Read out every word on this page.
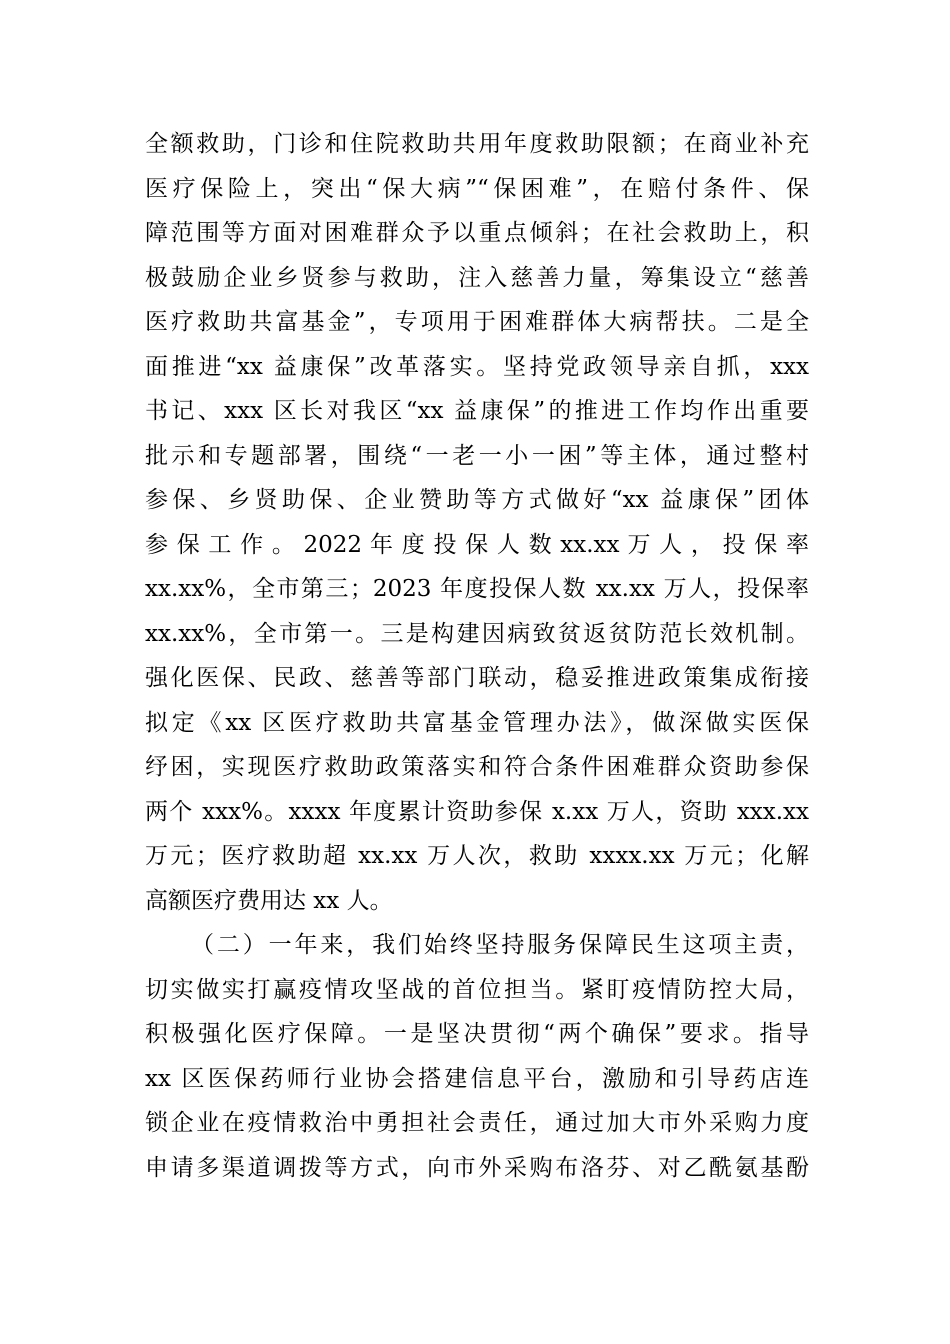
全额救助，门诊和住院救助共用年度救助限额；在商业补充
医疗保险上，突出“保大病”“保困难”，在赔付条件、保
障范围等方面对困难群众予以重点倾斜；在社会救助上，积
极鼓励企业乡贤参与救助，注入慈善力量，筹集设立“慈善
医疗救助共富基金”，专项用于困难群体大病帮扶。二是全
面推进“xx 益康保”改革落实。坚持党政领导亲自抓，xxx
书记、xxx 区长对我区“xx 益康保”的推进工作均作出重要
批示和专题部署，围绕“一老一小一困”等主体，通过整村
参保、乡贤助保、企业赞助等方式做好“xx 益康保”团体
参 保 工 作 。 2022 年 度 投 保 人 数 xx.xx 万 人 ， 投 保 率
xx.xx%，全市第三；2023 年度投保人数 xx.xx 万人，投保率
xx.xx%，全市第一。三是构建因病致贫返贫防范长效机制。
强化医保、民政、慈善等部门联动，稳妥推进政策集成衔接
拟定《xx 区医疗救助共富基金管理办法》，做深做实医保
纾困，实现医疗救助政策落实和符合条件困难群众资助参保
两个 xxx%。xxxx 年度累计资助参保 x.xx 万人，资助 xxx.xx
万元；医疗救助超 xx.xx 万人次，救助 xxxx.xx 万元；化解
高额医疗费用达 xx 人。
（二）一年来，我们始终坚持服务保障民生这项主责，
切实做实打赢疫情攻坚战的首位担当。紧盯疫情防控大局，
积极强化医疗保障。一是坚决贯彻“两个确保”要求。指导
xx 区医保药师行业协会搭建信息平台，激励和引导药店连
锁企业在疫情救治中勇担社会责任，通过加大市外采购力度
申请多渠道调拨等方式，向市外采购布洛芬、对乙酰氨基酚
